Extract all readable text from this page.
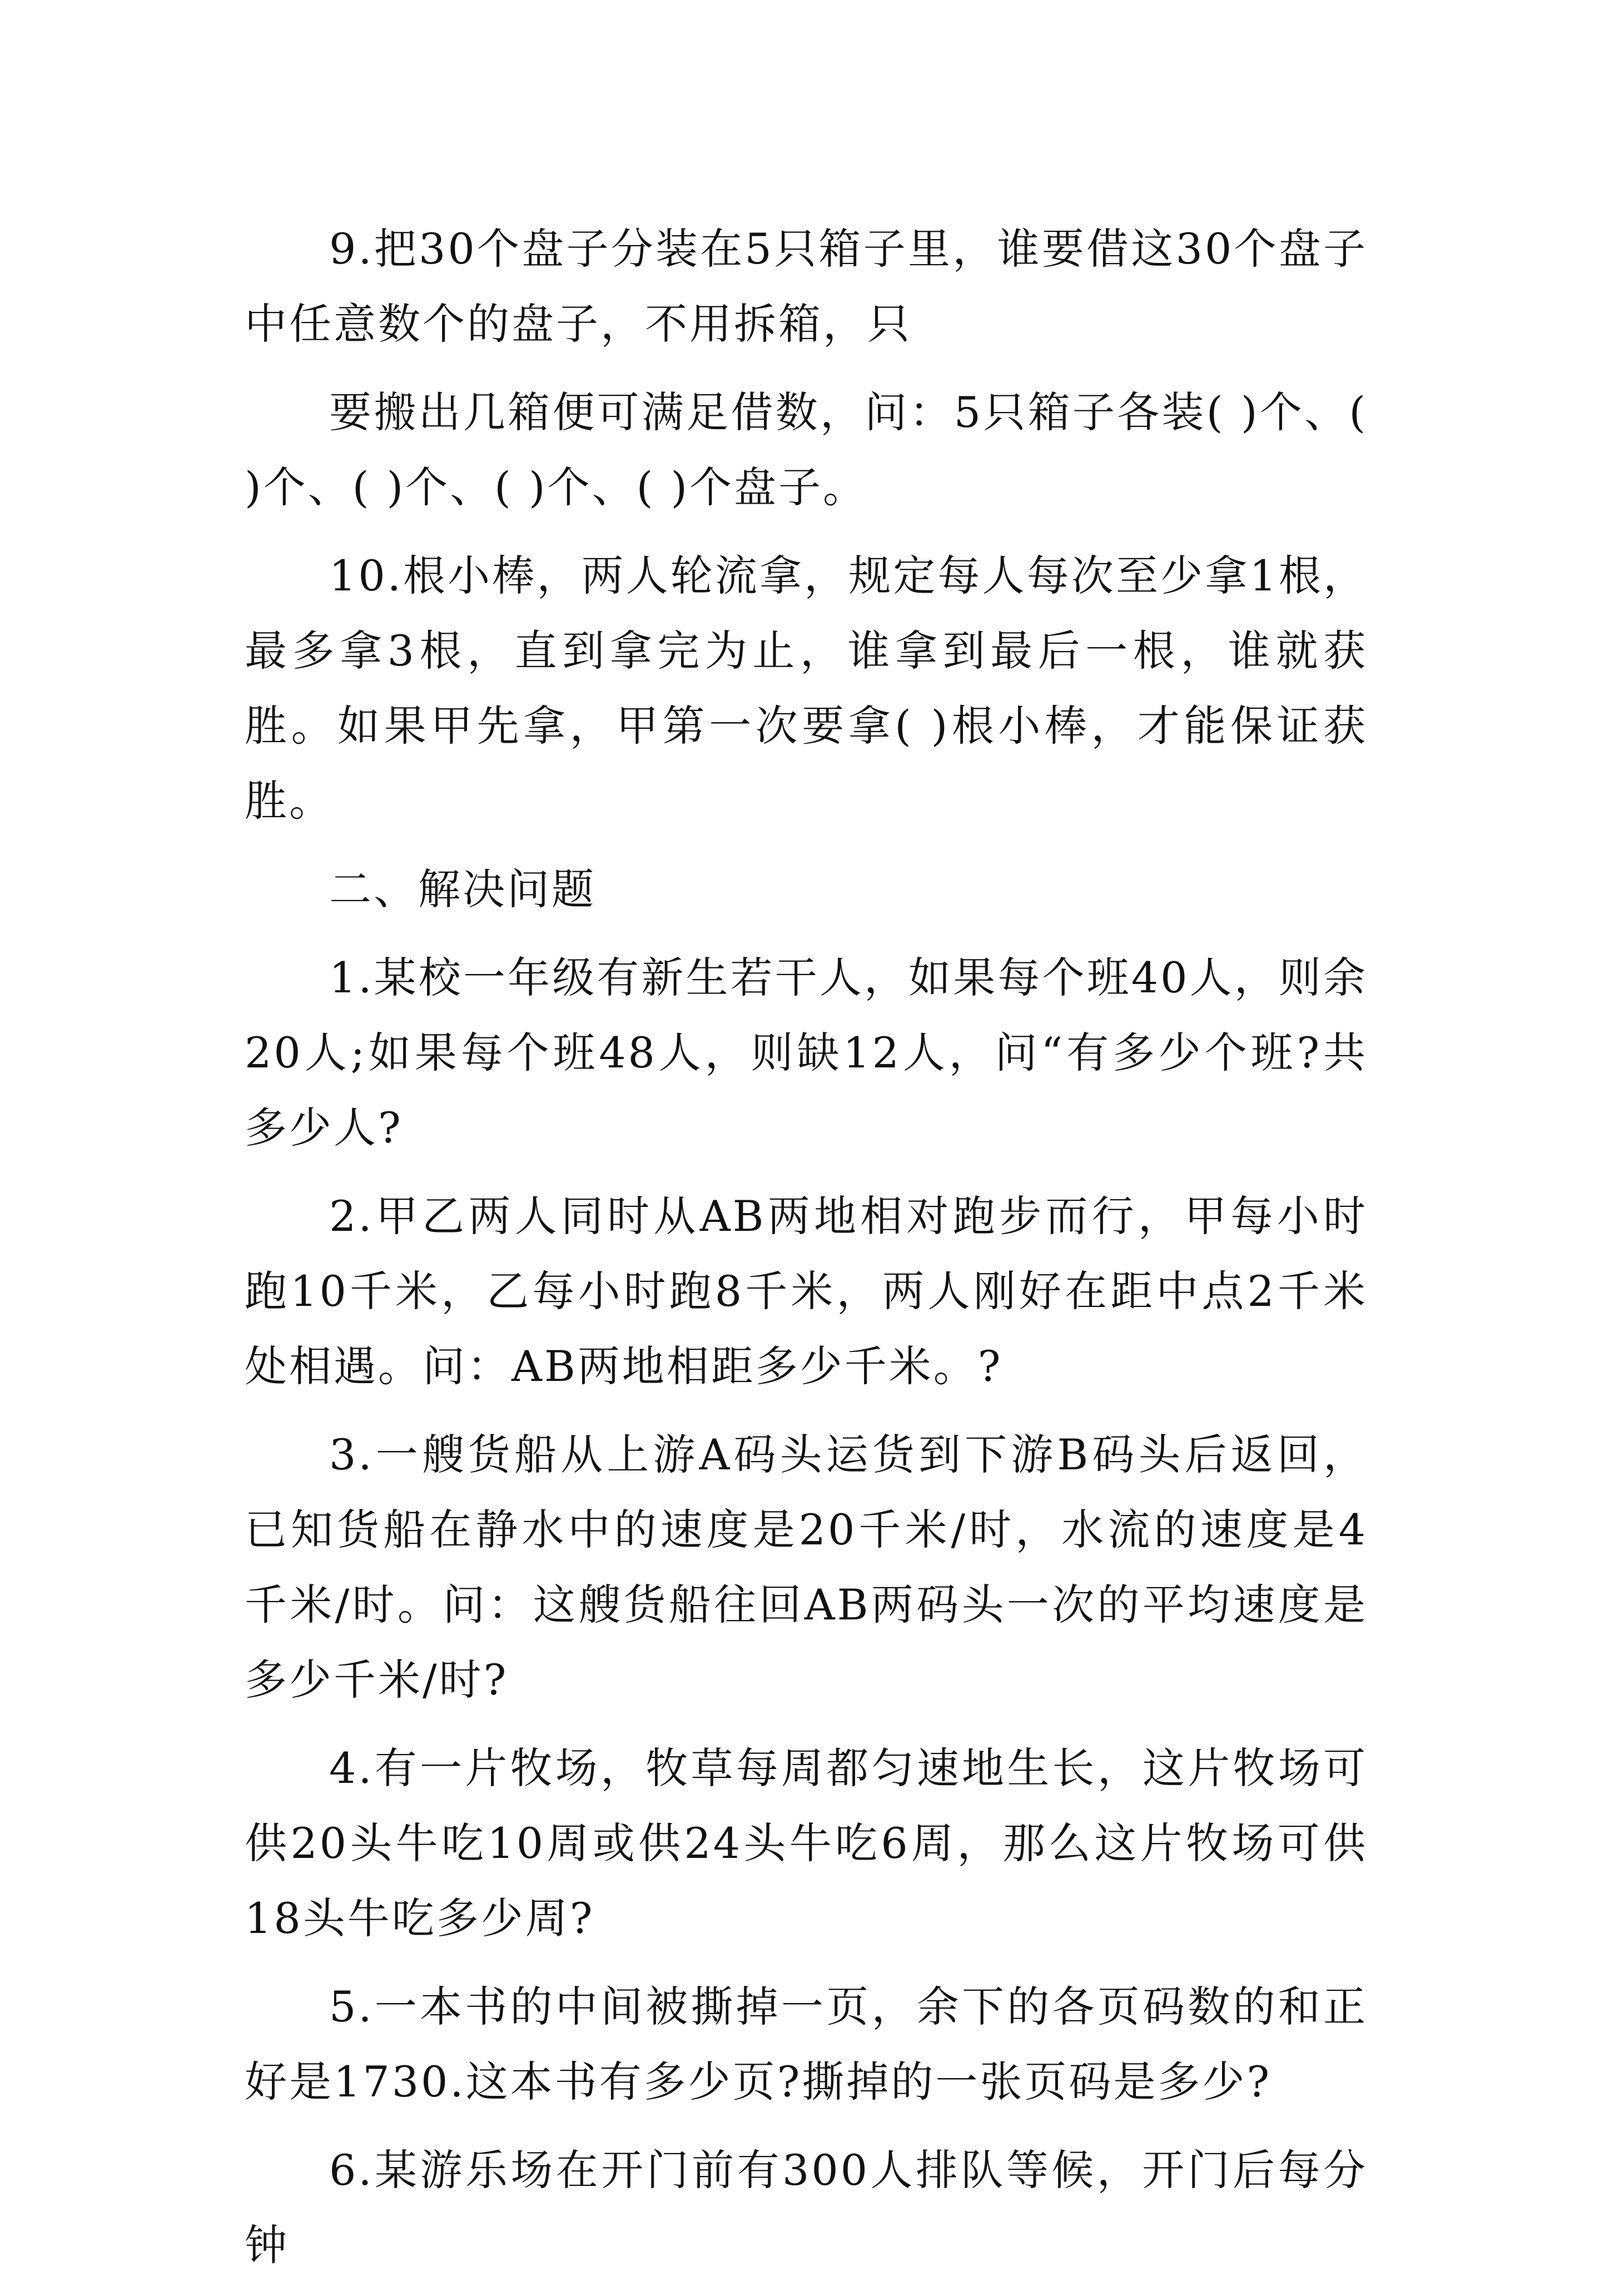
9.把30个盘子分装在5只箱子里，谁要借这30个盘子中任意数个的盘子，不用拆箱，只

要搬出几箱便可满足借数，问：5只箱子各装( )个、( )个、( )个、( )个、( )个盘子。

10.根小棒，两人轮流拿，规定每人每次至少拿1根，最多拿3根，直到拿完为止，谁拿到最后一根，谁就获胜。如果甲先拿，甲第一次要拿( )根小棒，才能保证获胜。

二、解决问题

1.某校一年级有新生若干人，如果每个班40人，则余20人;如果每个班48人，则缺12人，问“有多少个班?共多少人?

2.甲乙两人同时从AB两地相对跑步而行，甲每小时跑10千米，乙每小时跑8千米，两人刚好在距中点2千米处相遇。问：AB两地相距多少千米。?

3.一艘货船从上游A码头运货到下游B码头后返回，已知货船在静水中的速度是20千米/时，水流的速度是4千米/时。问：这艘货船往回AB两码头一次的平均速度是多少千米/时?

4.有一片牧场，牧草每周都匀速地生长，这片牧场可供20头牛吃10周或供24头牛吃6周，那么这片牧场可供18头牛吃多少周?

5.一本书的中间被撕掉一页，余下的各页码数的和正好是1730.这本书有多少页?撕掉的一张页码是多少?

6.某游乐场在开门前有300人排队等候，开门后每分钟
